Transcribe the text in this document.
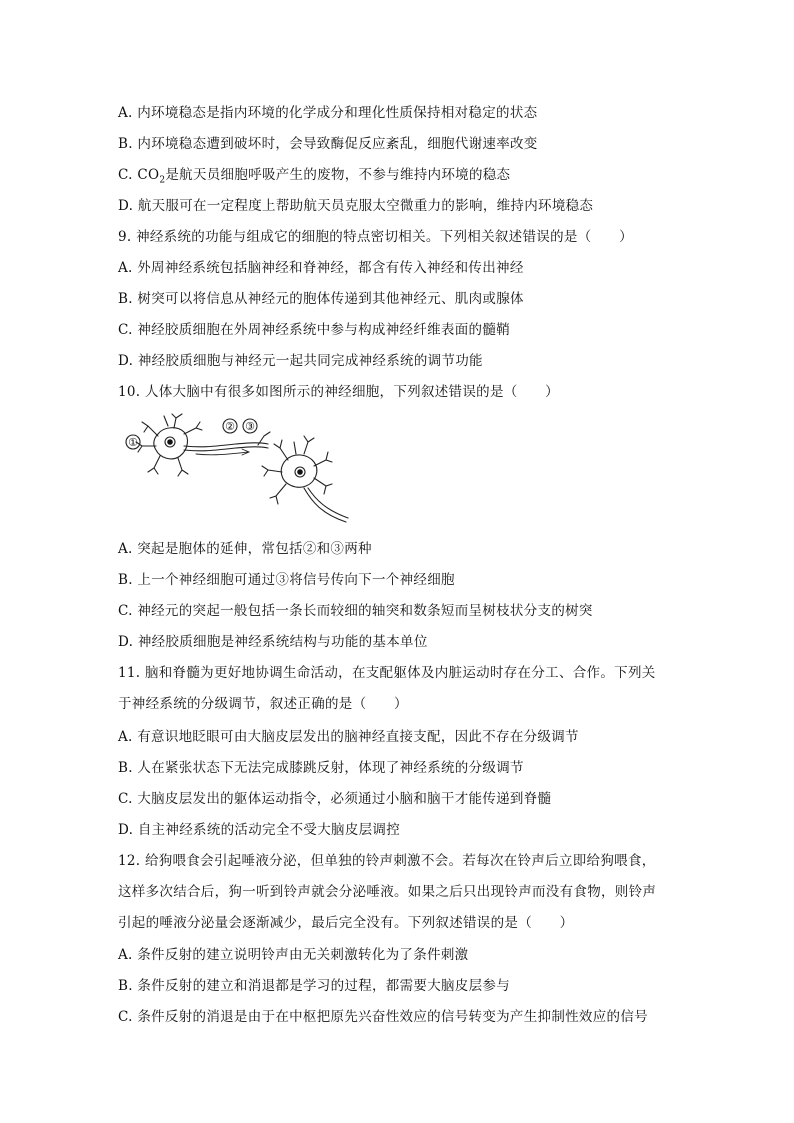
A. 内环境稳态是指内环境的化学成分和理化性质保持相对稳定的状态
B. 内环境稳态遭到破坏时，会导致酶促反应紊乱，细胞代谢速率改变
C. $CO_2$是航天员细胞呼吸产生的废物，不参与维持内环境的稳态
D. 航天服可在一定程度上帮助航天员克服太空微重力的影响，维持内环境稳态
9. 神经系统的功能与组成它的细胞的特点密切相关。下列相关叙述错误的是（　　）
A. 外周神经系统包括脑神经和脊神经，都含有传入神经和传出神经
B. 树突可以将信息从神经元的胞体传递到其他神经元、肌肉或腺体
C. 神经胶质细胞在外周神经系统中参与构成神经纤维表面的髓鞘
D. 神经胶质细胞与神经元一起共同完成神经系统的调节功能
10. 人体大脑中有很多如图所示的神经细胞，下列叙述错误的是（　　）
①
② ③
A. 突起是胞体的延伸，常包括②和③两种
B. 上一个神经细胞可通过③将信号传向下一个神经细胞
C. 神经元的突起一般包括一条长而较细的轴突和数条短而呈树枝状分支的树突
D. 神经胶质细胞是神经系统结构与功能的基本单位
11. 脑和脊髓为更好地协调生命活动，在支配躯体及内脏运动时存在分工、合作。下列关
于神经系统的分级调节，叙述正确的是（　　）
A. 有意识地眨眼可由大脑皮层发出的脑神经直接支配，因此不存在分级调节
B. 人在紧张状态下无法完成膝跳反射，体现了神经系统的分级调节
C. 大脑皮层发出的躯体运动指令，必须通过小脑和脑干才能传递到脊髓
D. 自主神经系统的活动完全不受大脑皮层调控
12. 给狗喂食会引起唾液分泌，但单独的铃声刺激不会。若每次在铃声后立即给狗喂食，
这样多次结合后，狗一听到铃声就会分泌唾液。如果之后只出现铃声而没有食物，则铃声
引起的唾液分泌量会逐渐减少，最后完全没有。下列叙述错误的是（　　）
A. 条件反射的建立说明铃声由无关刺激转化为了条件刺激
B. 条件反射的建立和消退都是学习的过程，都需要大脑皮层参与
C. 条件反射的消退是由于在中枢把原先兴奋性效应的信号转变为产生抑制性效应的信号
